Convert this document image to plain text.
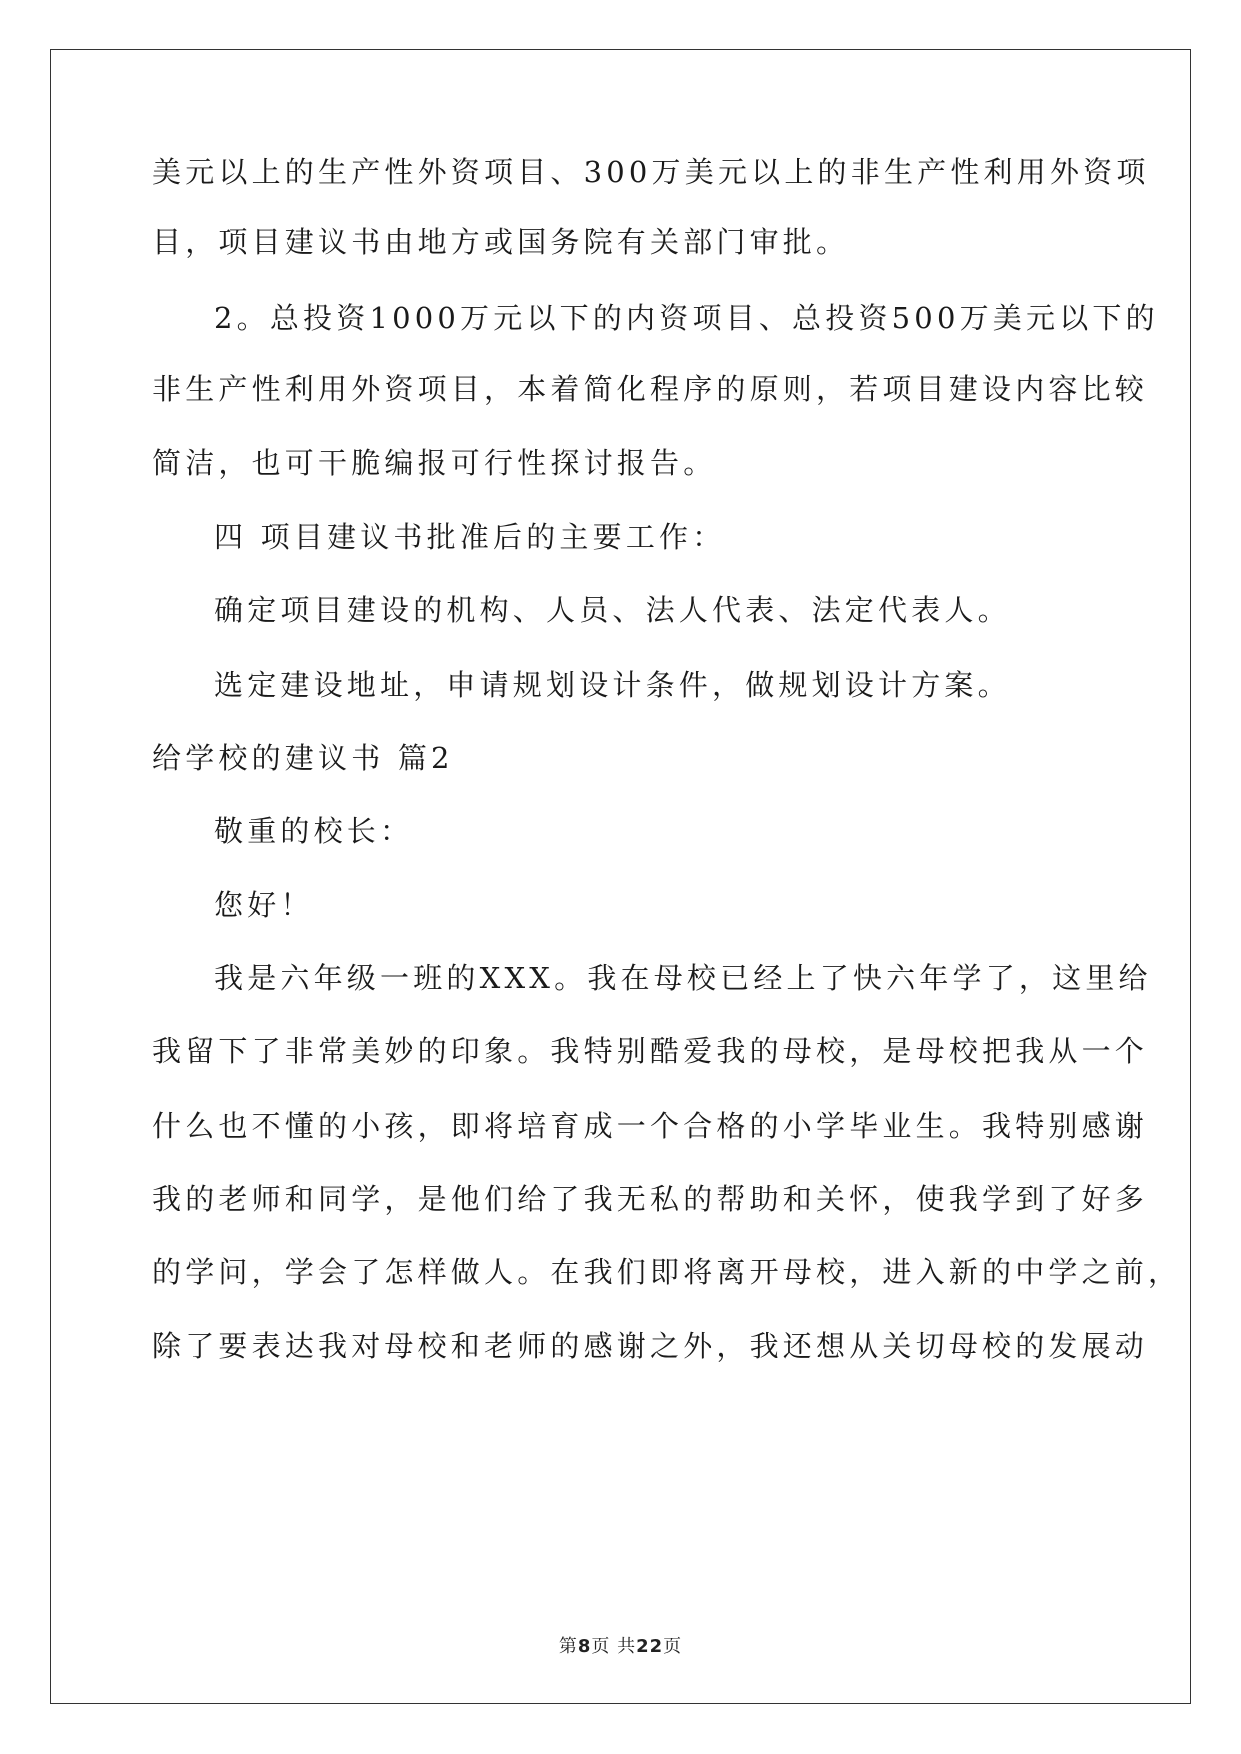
美元以上的生产性外资项目、300万美元以上的非生产性利用外资项
目，项目建议书由地方或国务院有关部门审批。
2。总投资1000万元以下的内资项目、总投资500万美元以下的
非生产性利用外资项目，本着简化程序的原则，若项目建设内容比较
简洁，也可干脆编报可行性探讨报告。
四 项目建议书批准后的主要工作：
确定项目建设的机构、人员、法人代表、法定代表人。
选定建设地址，申请规划设计条件，做规划设计方案。
给学校的建议书 篇2
敬重的校长：
您好！
我是六年级一班的XXX。我在母校已经上了快六年学了，这里给
我留下了非常美妙的印象。我特别酷爱我的母校，是母校把我从一个
什么也不懂的小孩，即将培育成一个合格的小学毕业生。我特别感谢
我的老师和同学，是他们给了我无私的帮助和关怀，使我学到了好多
的学问，学会了怎样做人。在我们即将离开母校，进入新的中学之前，
除了要表达我对母校和老师的感谢之外，我还想从关切母校的发展动
第8页 共22页
